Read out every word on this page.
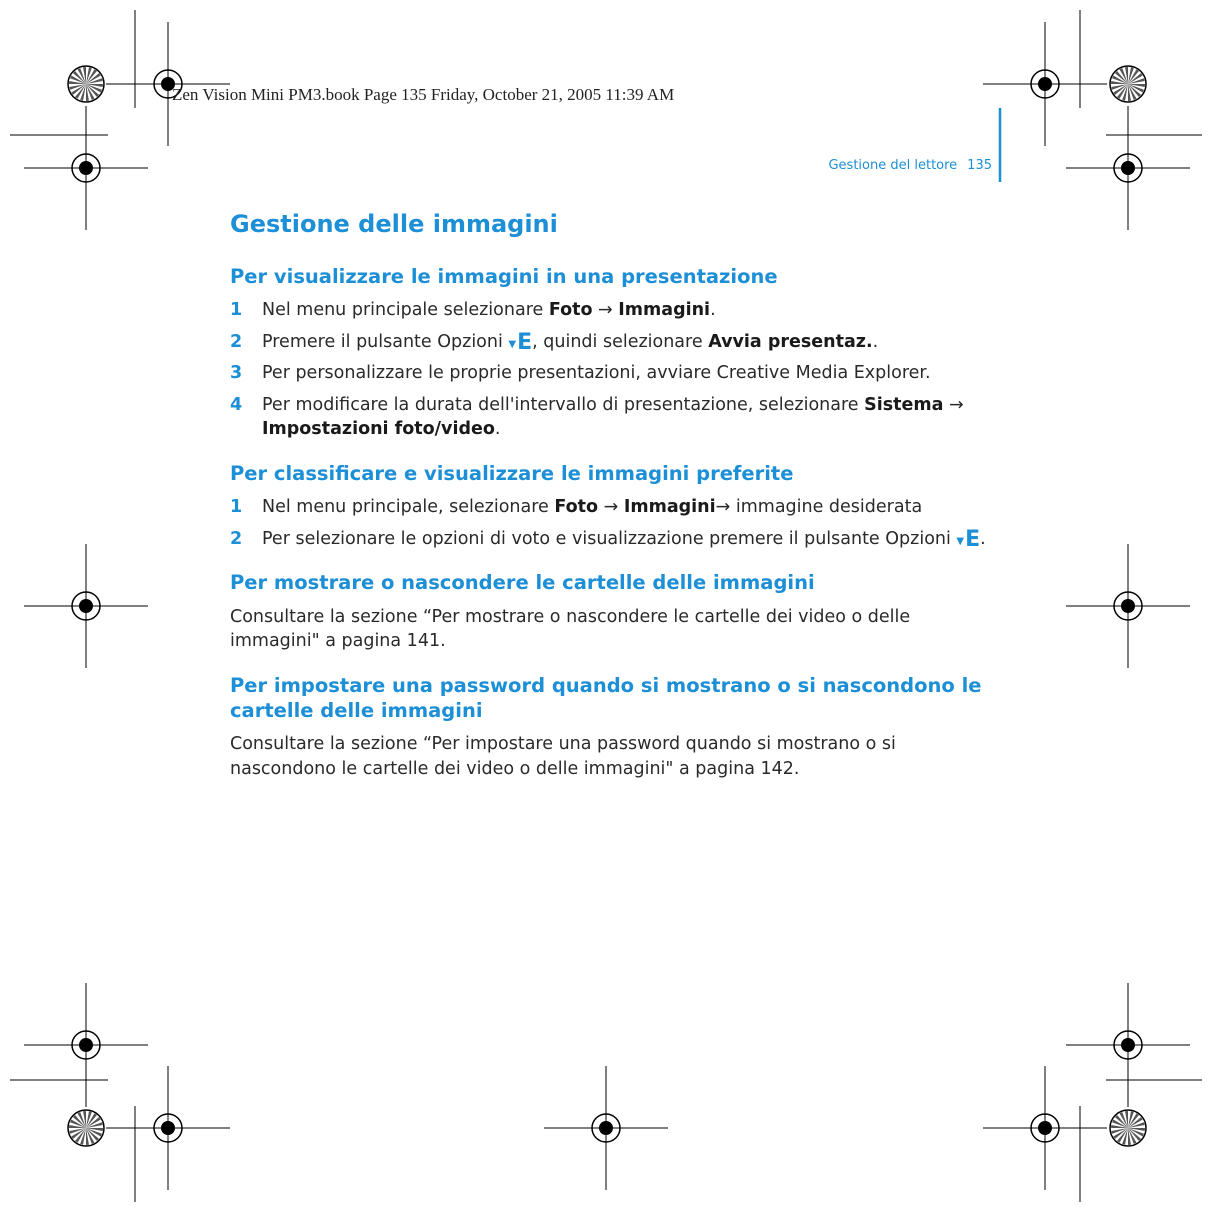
Zen Vision Mini PM3.book Page 135 Friday, October 21, 2005 11:39 AM
Gestione del lettore 135
Gestione delle immagini
Per visualizzare le immagini in una presentazione
1 Nel menu principale selezionare Foto → Immagini.
2 Premere il pulsante Opzioni ▼E, quindi selezionare Avvia presentaz..
3 Per personalizzare le proprie presentazioni, avviare Creative Media Explorer.
4 Per modificare la durata dell'intervallo di presentazione, selezionare Sistema → Impostazioni foto/video.
Per classificare e visualizzare le immagini preferite
1 Nel menu principale, selezionare Foto → Immagini→ immagine desiderata
2 Per selezionare le opzioni di voto e visualizzazione premere il pulsante Opzioni ▼E.
Per mostrare o nascondere le cartelle delle immagini

Consultare la sezione “Per mostrare o nascondere le cartelle dei video o delle immagini" a pagina 141.

Per impostare una password quando si mostrano o si nascondono le cartelle delle immagini

Consultare la sezione “Per impostare una password quando si mostrano o si nascondono le cartelle dei video o delle immagini" a pagina 142.
